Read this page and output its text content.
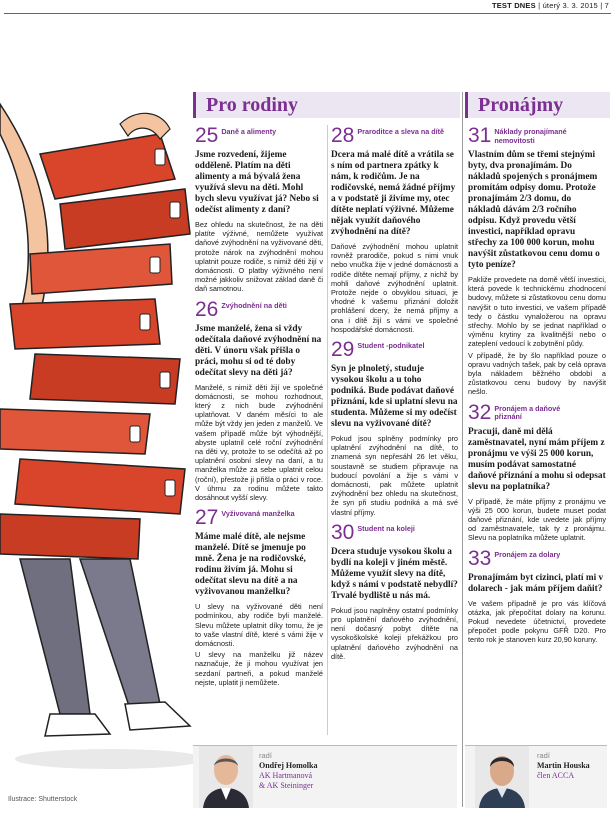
TEST DNES | úterý 3. 3. 2015 | 7
Ilustrace: Shutterstock
Pro rodiny	Pronájmy
25 Daně a alimenty

Jsme rozvedení, žijeme odděleně. Platím na děti alimenty a má bývalá žena využívá slevu na děti. Mohl bych slevu využívat já? Nebo si odečíst alimenty z daní?

Bez ohledu na skutečnost, že na děti platíte výživné, nemůžete využívat daňové zvýhodnění na vyživované děti, protože nárok na zvýhodnění mohou uplatnit pouze rodiče, s nimiž děti žijí v domácnosti. O platby výživného není možné jakkoliv snižovat základ daně či daň samotnou.

26 Zvýhodnění na děti

Jsme manželé, žena si vždy odečítala daňové zvýhodnění na děti. V únoru však přišla o práci, mohu si od té doby odečítat slevy na děti já?

Manželé, s nimiž děti žijí ve společné domácnosti, se mohou rozhodnout, který z nich bude zvýhodnění uplatňovat. V daném měsíci to ale může být vždy jen jeden z manželů. Ve vašem případě může být výhodnější, abyste uplatnil celé roční zvýhodnění na děti vy, protože to se odečítá až po uplatnění osobní slevy na daní, a tu manželka může za sebe uplatnit celou (roční), přestože ji přišla o práci v roce. V úhrnu za rodinu můžete takto dosáhnout vyšší slevy.

27 Vyživovaná manželka

Máme malé dítě, ale nejsme manželé. Dítě se jmenuje po mně. Žena je na rodičovské, rodinu živím já. Mohu si odečítat slevu na dítě a na vyživovanou manželku?

U slevy na vyživované děti není podmínkou, aby rodiče byli manželé. Slevu můžete uplatnit díky tomu, že je to vaše vlastní dítě, které s vámi žije v domácnosti.

U slevy na manželku již název naznačuje, že ji mohou využívat jen sezdaní partneři, a pokud manželé nejste, uplatit ji nemůžete.

28 Praroditce a sleva na dítě

Dcera má malé dítě a vrátila se s ním od partnera zpátky k nám, k rodičům. Je na rodičovské, nemá žádné příjmy a v podstatě ji živíme my, otec dítěte neplatí výživné. Můžeme nějak využít daňového zvýhodnění na dítě?

Daňové zvýhodnění mohou uplatnit rovněž prarodiče, pokud s nimi vnuk nebo vnučka žije v jedné domácnosti a rodiče dítěte nemají příjmy, z nichž by mohli daňové zvýhodnění uplatnit. Protože nejde o obvyklou situaci, je vhodné k vašemu přiznání doložit prohlášení dcery, že nemá příjmy a ona i dítě žijí s vámi ve společné hospodářské domácnosti.

29 Student -podnikatel

Syn je plnoletý, studuje vysokou školu a u toho podniká. Bude podávat daňové přiznání, kde si uplatní slevu na studenta. Můžeme si my odečíst slevu na vyživované dítě?

Pokud jsou splněny podmínky pro uplatnění zvýhodnění na dítě, to znamená syn nepřesáhl 26 let věku, soustavně se studiem připravuje na budoucí povolání a žije s vámi v domácnosti, pak můžete uplatnit zvýhodnění bez ohledu na skutečnost, že syn při studiu podniká a má své vlastní příjmy.

30 Student na koleji

Dcera studuje vysokou školu a bydlí na koleji v jiném městě. Můžeme využít slevy na dítě, když s námi v podstatě nebydlí? Trvalé bydliště u nás má.

Pokud jsou naplněny ostatní podmínky pro uplatnění daňového zvýhodnění, není dočasný pobyt dítěte na vysokoškolské koleji překážkou pro uplatnění daňového zvýhodnění na dítě.

31 Náklady pronajímané nemovitosti

Vlastním dům se třemi stejnými byty, dva pronajímám. Do nákladů spojených s pronájmem promítám odpisy domu. Protože pronajímám 2/3 domu, do nákladů dávám 2/3 ročního odpisu. Když provedu větší investici, například opravu střechy za 100 000 korun, mohu navýšit zůstatkovou cenu domu o tyto peníze?

Pakliže provedete na domě větší investici, která povede k technickému zhodnocení budovy, můžete si zůstatkovou cenu domu navýšit o tuto investici, ve vašem případě tedy o částku vynaložerou na opravu střechy. Mohlo by se jednat například o výměnu krytiny za kvalitnější nebo o zateplení vedoucí k zobytnění půdy.

V případě, že by šlo například pouze o opravu vadných tašek, pak by celá oprava byla nákladem běžného období a zůstatkovou cenu budovy by navýšit nešlo.

32 Pronájem a daňové přiznání

Pracuji, daně mi dělá zaměstnavatel, nyní mám příjem z pronájmu ve výši 25 000 korun, musím podávat samostatné daňové přiznání a mohu si odepsat slevu na poplatníka?

V případě, že máte příjmy z pronájmu ve výši 25 000 korun, budete muset podat daňové přiznání, kde uvedete jak příjmy od zaměstnavatele, tak ty z pronájmu. Slevu na poplatníka můžete uplatnit.

33 Pronájem za dolary

Pronajímám byt cizinci, platí mi v dolarech - jak mám příjem daňit?

Ve vašem případně je pro vás klíčová otázka, jak přepočítat dolary na korunu. Pokud nevedete účetnictví, provedete přepočet podle pokynu GFŘ D20. Pro tento rok je stanoven kurz 20,90 koruny.

radí
Ondřej Homolka
AK Hartmanová
& AK Steininger
radí
Martin Houska
člen ACCA
